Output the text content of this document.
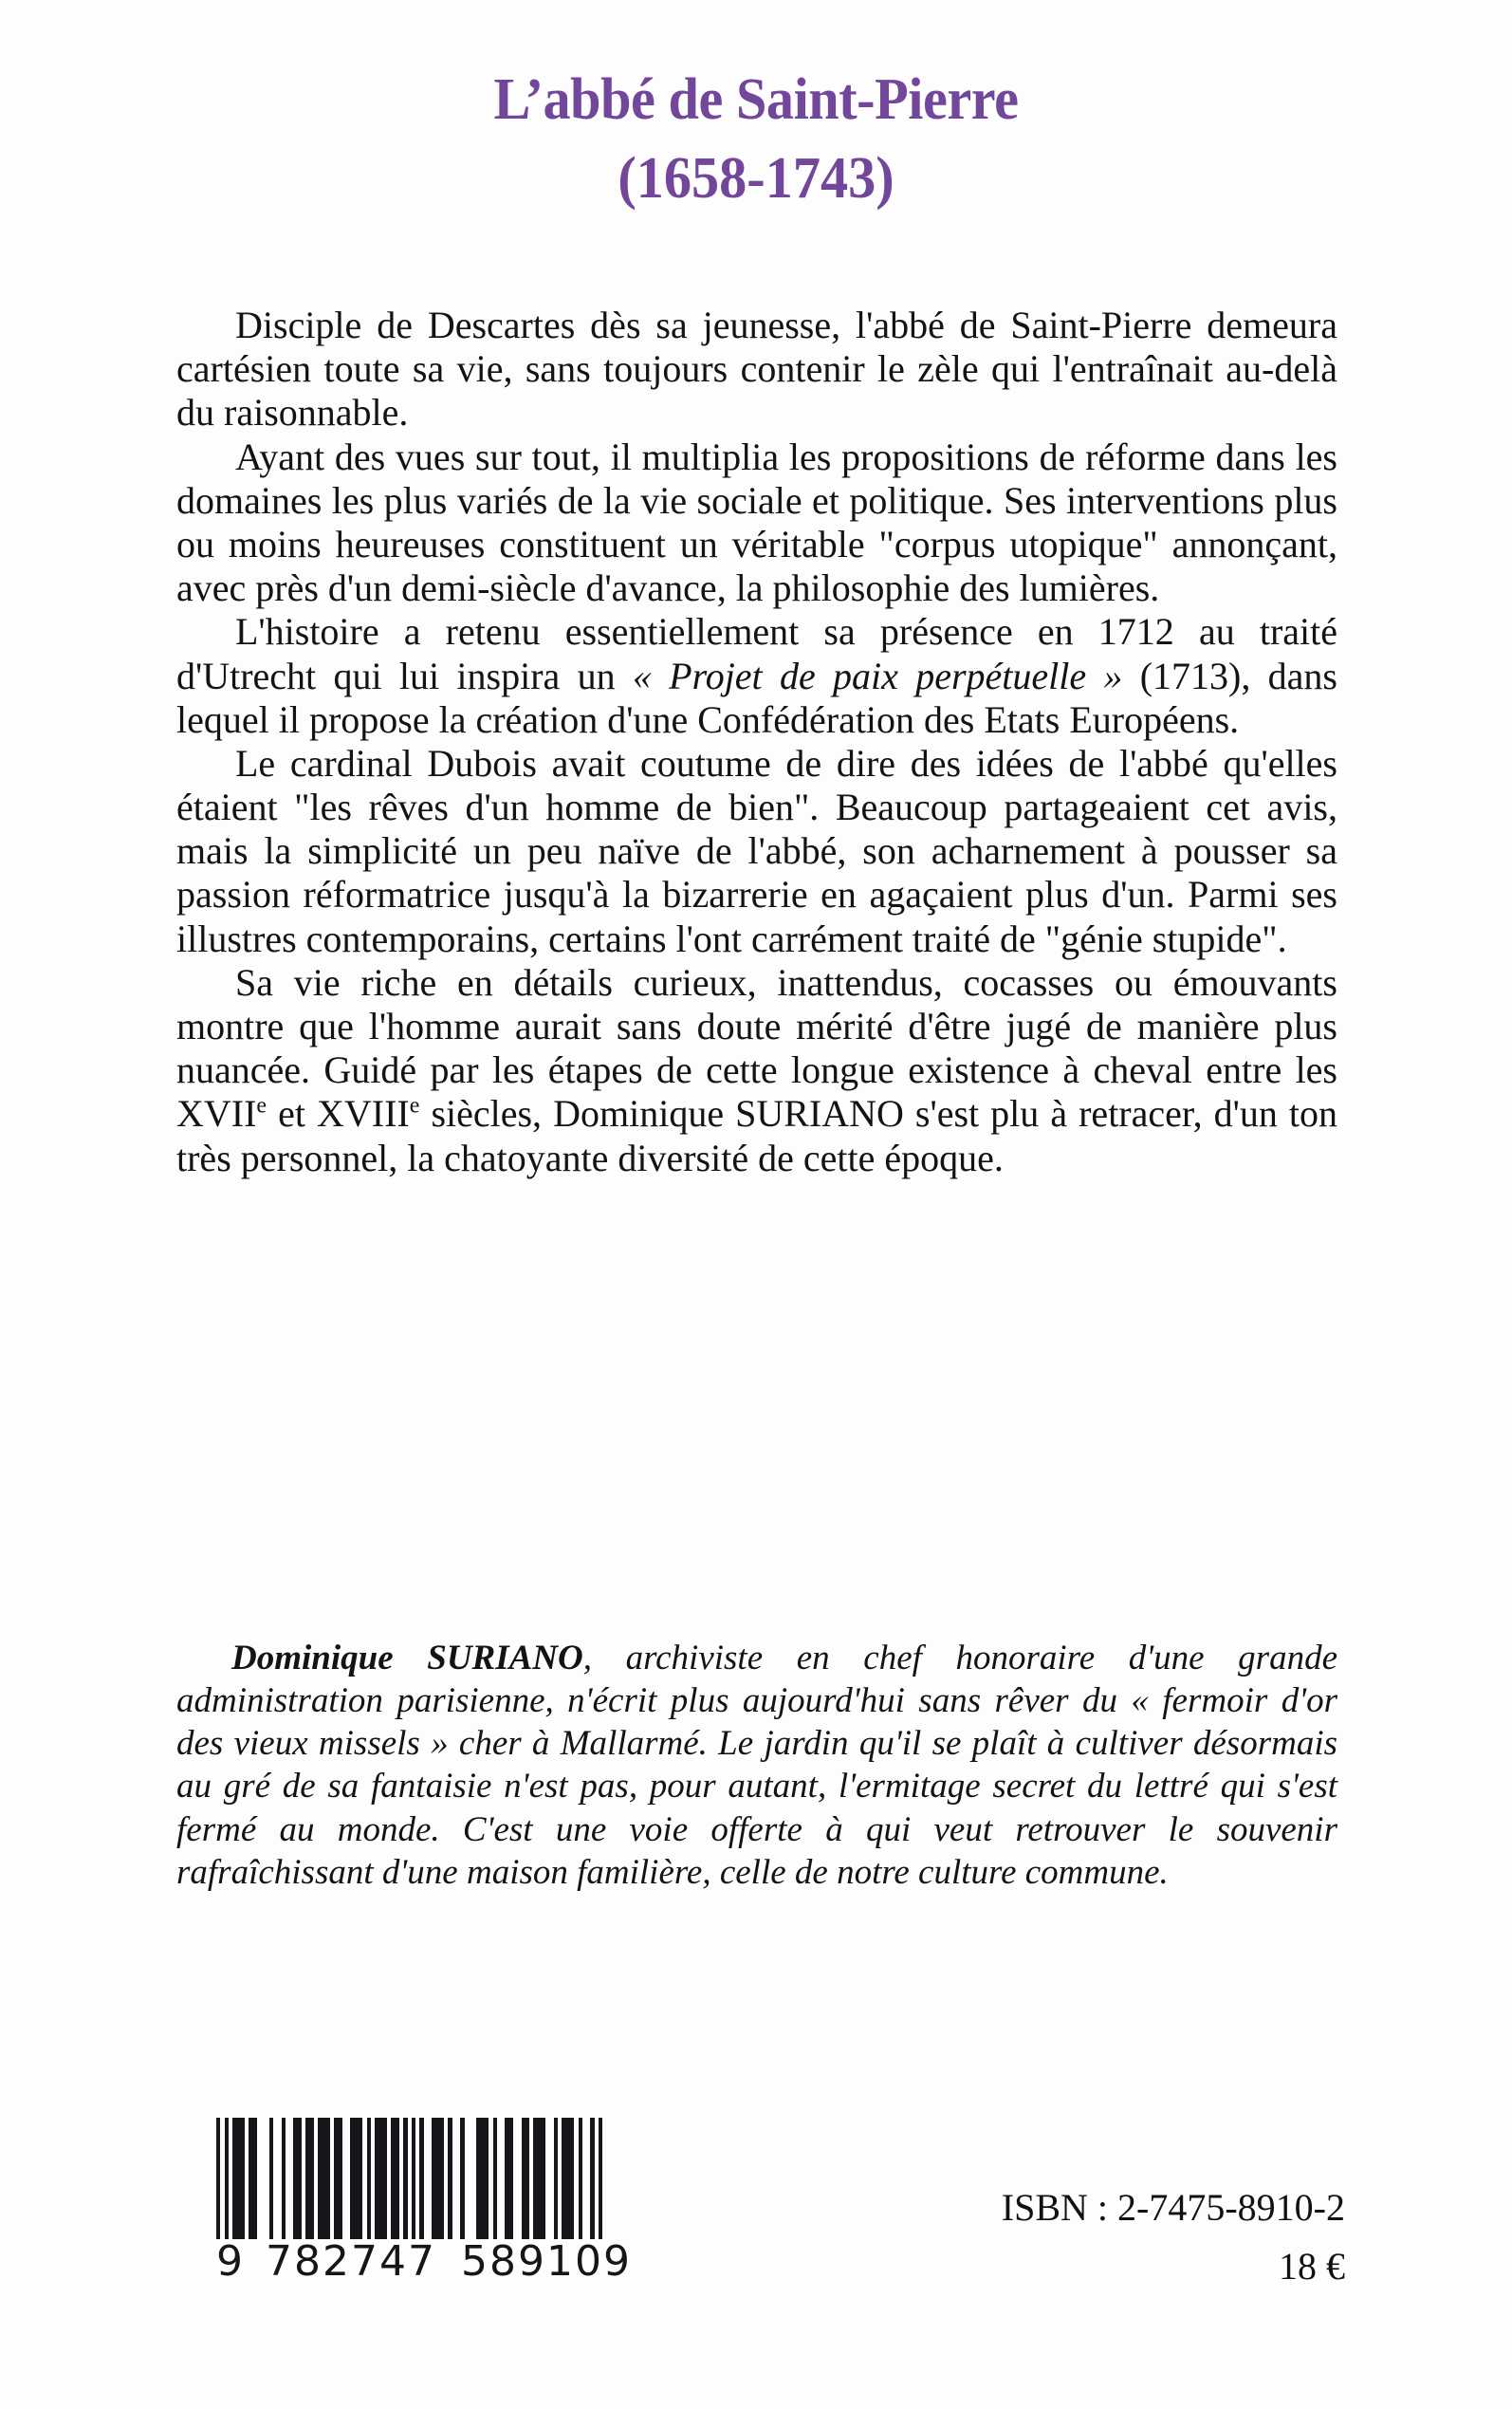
L’abbé de Saint-Pierre
(1658-1743)

Disciple de Descartes dès sa jeunesse, l'abbé de Saint-Pierre demeura cartésien toute sa vie, sans toujours contenir le zèle qui l'entraînait au-delà du raisonnable.

Ayant des vues sur tout, il multiplia les propositions de réforme dans les domaines les plus variés de la vie sociale et politique. Ses interventions plus ou moins heureuses constituent un véritable "corpus utopique" annonçant, avec près d'un demi-siècle d'avance, la philosophie des lumières.

L'histoire a retenu essentiellement sa présence en 1712 au traité d'Utrecht qui lui inspira un « Projet de paix perpétuelle » (1713), dans lequel il propose la création d'une Confédération des Etats Européens.

Le cardinal Dubois avait coutume de dire des idées de l'abbé qu'elles étaient "les rêves d'un homme de bien". Beaucoup partageaient cet avis, mais la simplicité un peu naïve de l'abbé, son acharnement à pousser sa passion réformatrice jusqu'à la bizarrerie en agaçaient plus d'un. Parmi ses illustres contemporains, certains l'ont carrément traité de "génie stupide".

Sa vie riche en détails curieux, inattendus, cocasses ou émouvants montre que l'homme aurait sans doute mérité d'être jugé de manière plus nuancée. Guidé par les étapes de cette longue existence à cheval entre les XVIIe et XVIIIe siècles, Dominique SURIANO s'est plu à retracer, d'un ton très personnel, la chatoyante diversité de cette époque.

Dominique SURIANO, archiviste en chef honoraire d'une grande administration parisienne, n'écrit plus aujourd'hui sans rêver du « fermoir d'or des vieux missels » cher à Mallarmé. Le jardin qu'il se plaît à cultiver désormais au gré de sa fantaisie n'est pas, pour autant, l'ermitage secret du lettré qui s'est fermé au monde. C'est une voie offerte à qui veut retrouver le souvenir rafraîchissant d'une maison familière, celle de notre culture commune.

9 782747 589109
ISBN : 2-7475-8910-2
18 €
